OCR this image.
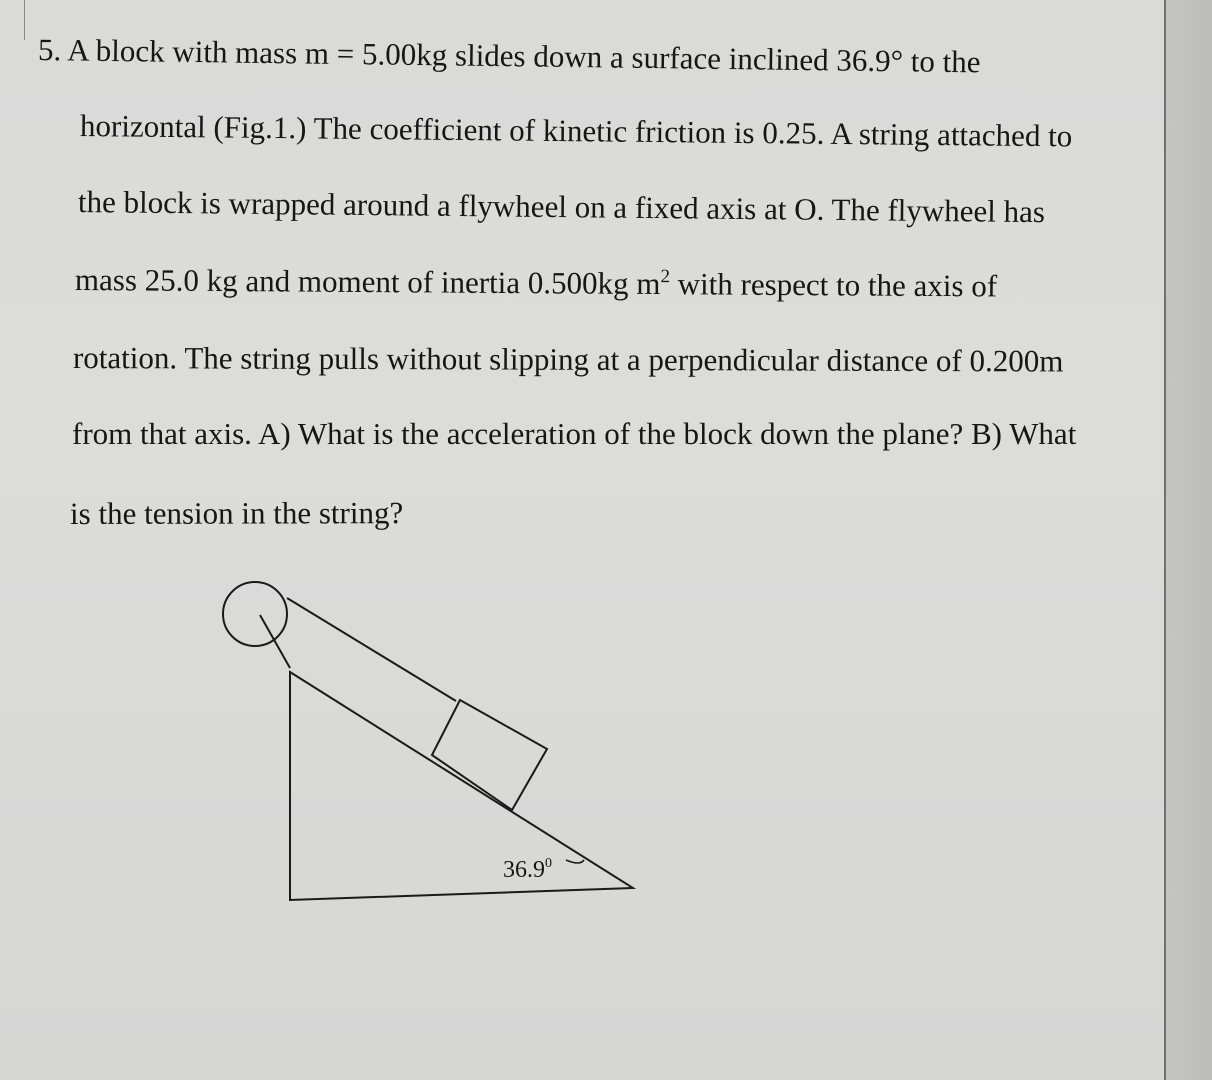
5. A block with mass m = 5.00kg slides down a surface inclined 36.9° to the
horizontal (Fig.1.) The coefficient of kinetic friction is 0.25. A string attached to
the block is wrapped around a flywheel on a fixed axis at O. The flywheel has
mass 25.0 kg and moment of inertia 0.500kg $m^2$ with respect to the axis of
rotation. The string pulls without slipping at a perpendicular distance of 0.200m
from that axis. A) What is the acceleration of the block down the plane? B) What
is the tension in the string?
36.9$^0$
